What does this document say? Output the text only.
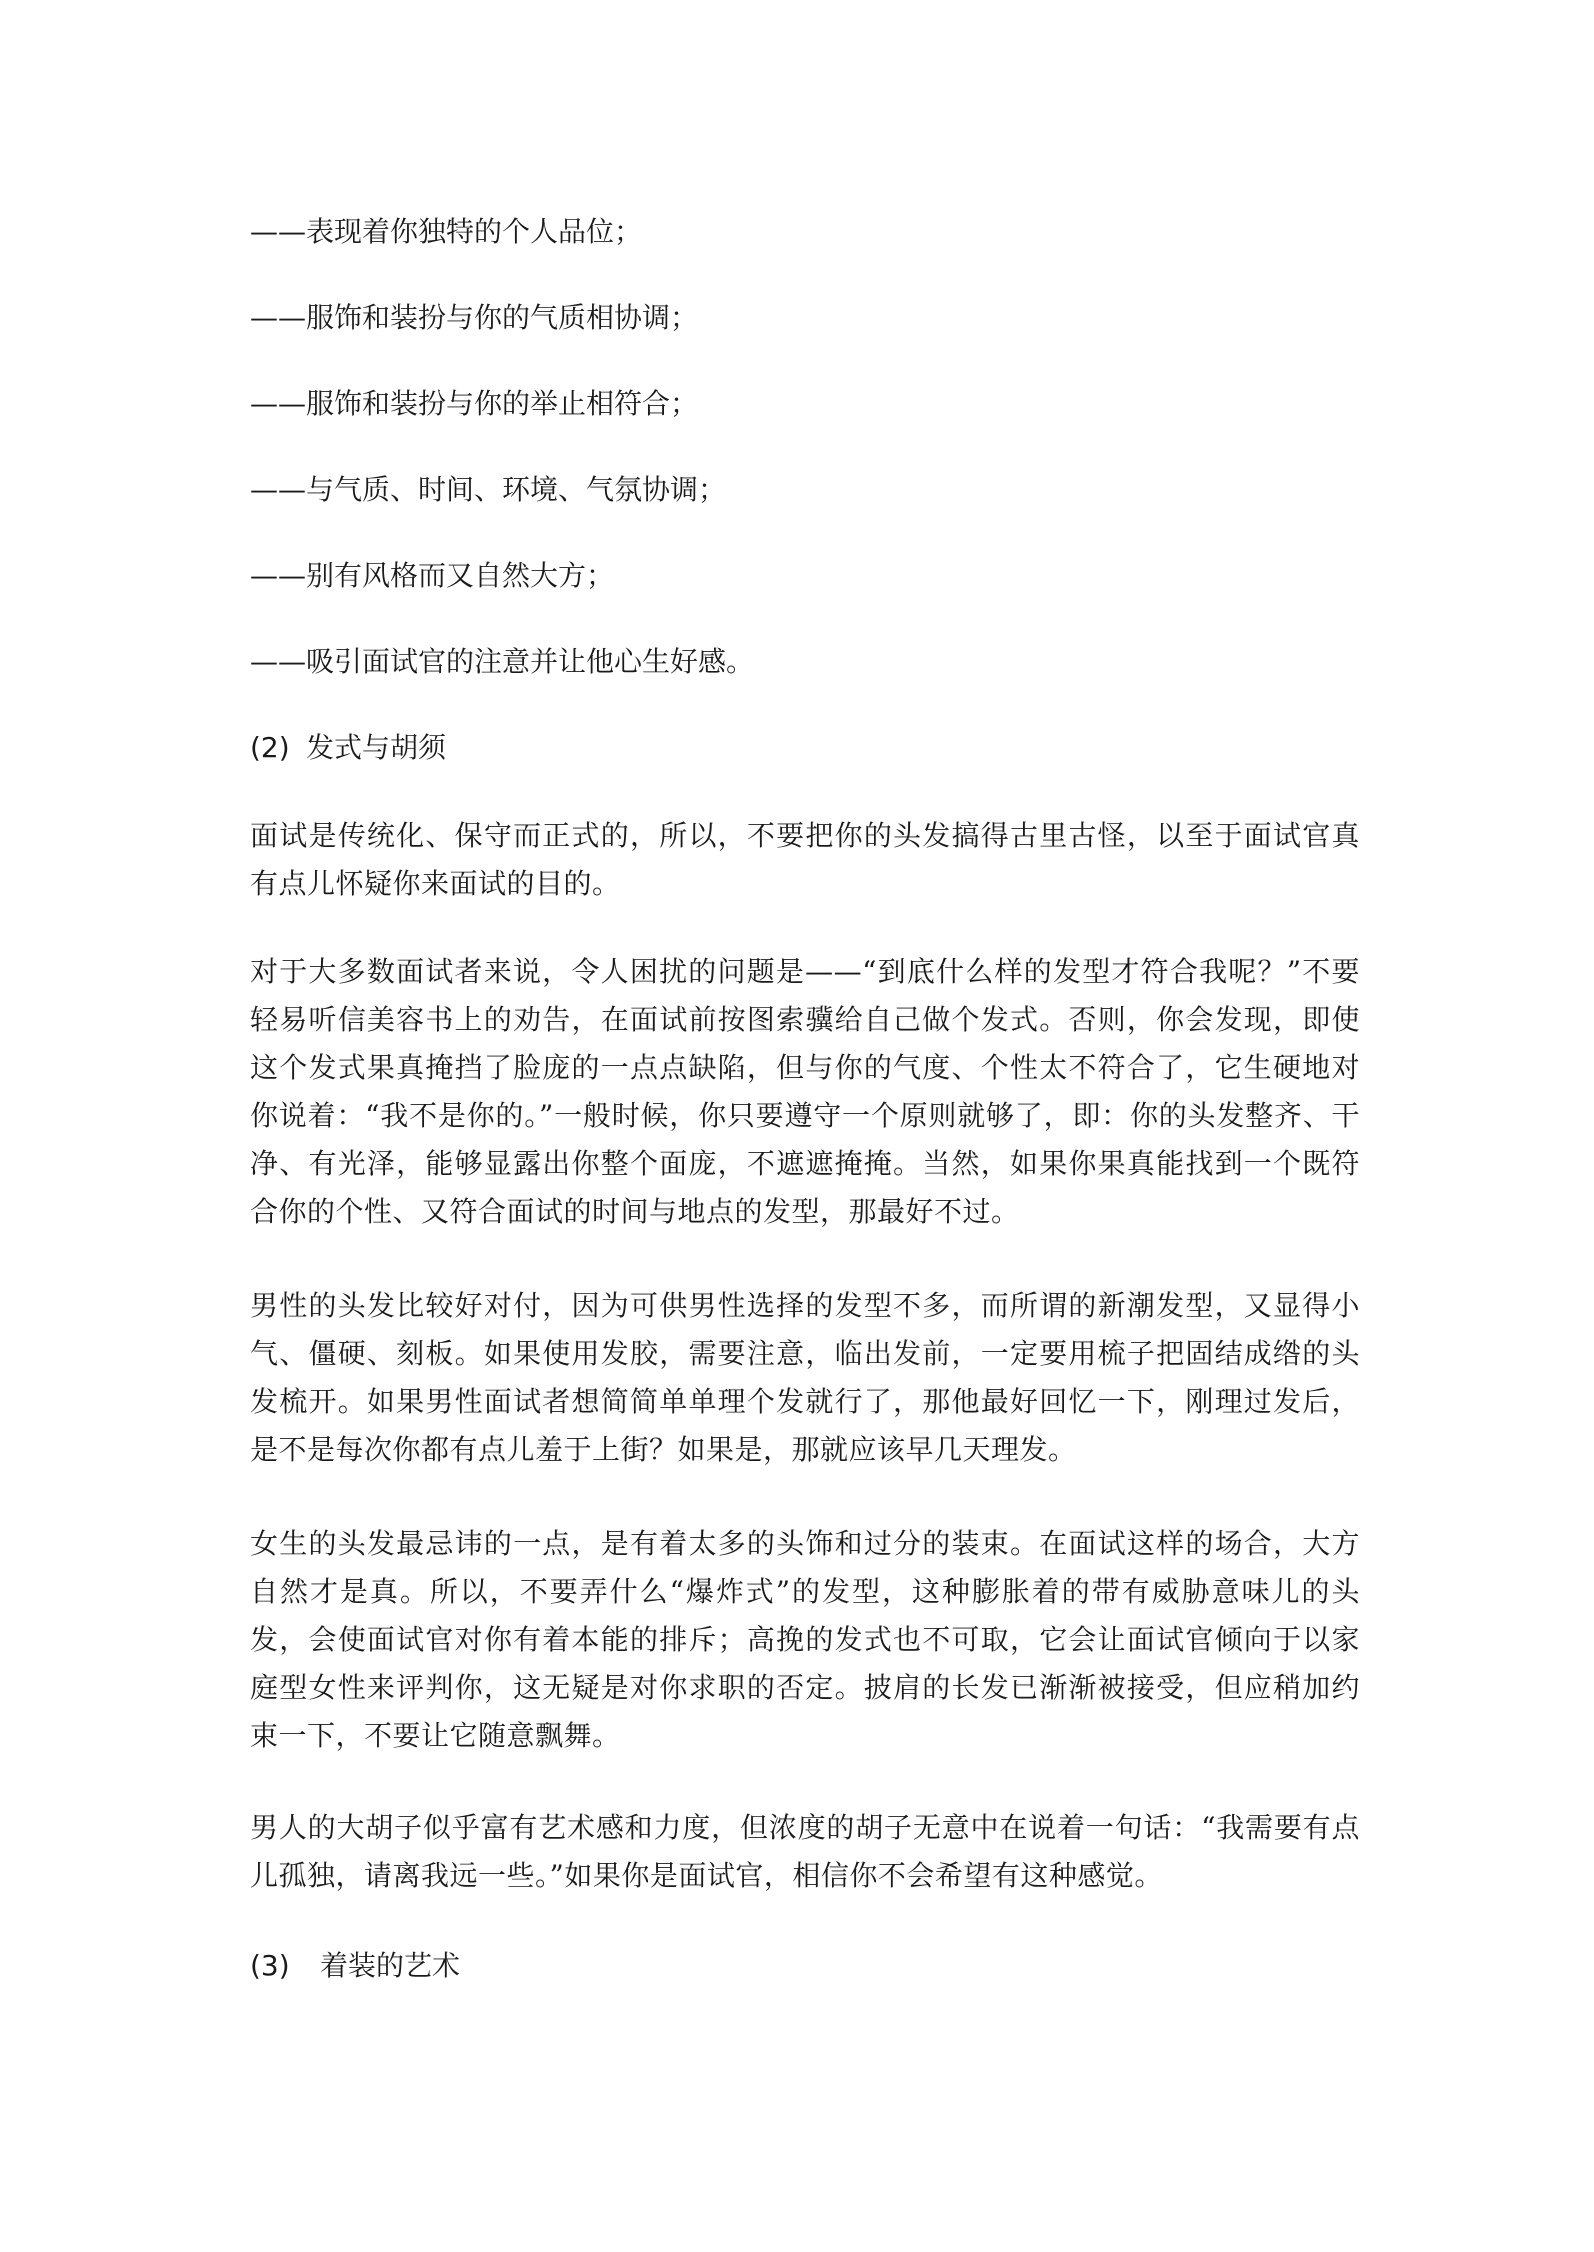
——表现着你独特的个人品位；
——服饰和装扮与你的气质相协调；
——服饰和装扮与你的举止相符合；
——与气质、时间、环境、气氛协调；
——别有风格而又自然大方；
——吸引面试官的注意并让他心生好感。
(2) 发式与胡须

面试是传统化、保守而正式的，所以，不要把你的头发搞得古里古怪，以至于面试官真有点儿怀疑你来面试的目的。

对于大多数面试者来说，令人困扰的问题是——“到底什么样的发型才符合我呢？”不要轻易听信美容书上的劝告，在面试前按图索骥给自己做个发式。否则，你会发现，即使这个发式果真掩挡了脸庞的一点点缺陷，但与你的气度、个性太不符合了，它生硬地对你说着：“我不是你的。”一般时候，你只要遵守一个原则就够了，即：你的头发整齐、干净、有光泽，能够显露出你整个面庞，不遮遮掩掩。当然，如果你果真能找到一个既符合你的个性、又符合面试的时间与地点的发型，那最好不过。

男性的头发比较好对付，因为可供男性选择的发型不多，而所谓的新潮发型，又显得小气、僵硬、刻板。如果使用发胶，需要注意，临出发前，一定要用梳子把固结成绺的头发梳开。如果男性面试者想简简单单理个发就行了，那他最好回忆一下，刚理过发后，是不是每次你都有点儿羞于上街？如果是，那就应该早几天理发。

女生的头发最忌讳的一点，是有着太多的头饰和过分的装束。在面试这样的场合，大方自然才是真。所以，不要弄什么“爆炸式”的发型，这种膨胀着的带有威胁意味儿的头发，会使面试官对你有着本能的排斥；高挽的发式也不可取，它会让面试官倾向于以家庭型女性来评判你，这无疑是对你求职的否定。披肩的长发已渐渐被接受，但应稍加约束一下，不要让它随意飘舞。

男人的大胡子似乎富有艺术感和力度，但浓度的胡子无意中在说着一句话：“我需要有点儿孤独，请离我远一些。”如果你是面试官，相信你不会希望有这种感觉。

(3) 着装的艺术
